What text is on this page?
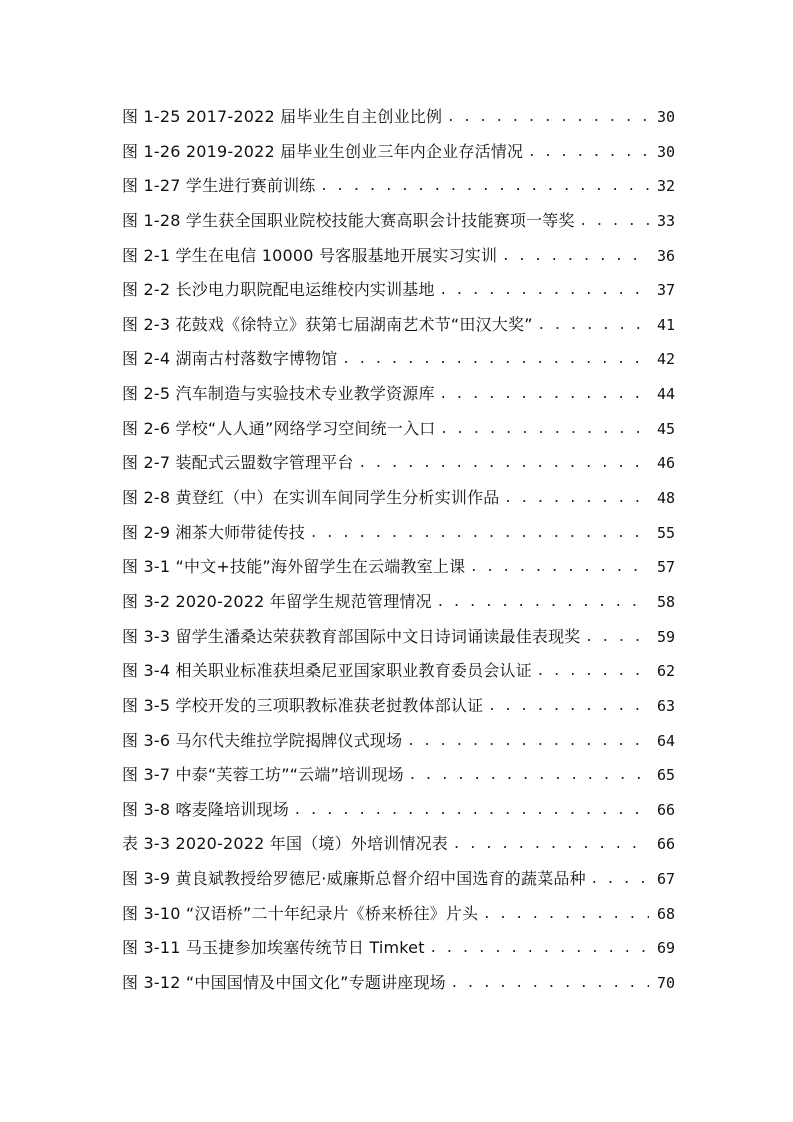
图 1-25 2017-2022 届毕业生自主创业比例 . . .	30
图 1-26 2019-2022 届毕业生创业三年内企业存活情况 . . .	30
图 1-27 学生进行赛前训练 . . .	32
图 1-28 学生获全国职业院校技能大赛高职会计技能赛项一等奖 . . .	33
图 2-1 学生在电信 10000 号客服基地开展实习实训 . . .	36
图 2-2 长沙电力职院配电运维校内实训基地 . . .	37
图 2-3 花鼓戏《徐特立》获第七届湖南艺术节“田汉大奖” . . .	41
图 2-4 湖南古村落数字博物馆 . . .	42
图 2-5 汽车制造与实验技术专业教学资源库 . . .	44
图 2-6 学校“人人通”网络学习空间统一入口 . . .	45
图 2-7 装配式云盟数字管理平台 . . .	46
图 2-8 黄登红（中）在实训车间同学生分析实训作品 . . .	48
图 2-9 湘茶大师带徒传技 . . .	55
图 3-1 “中文+技能”海外留学生在云端教室上课 . . .	57
图 3-2 2020-2022 年留学生规范管理情况 . . .	58
图 3-3 留学生潘桑达荣获教育部国际中文日诗词诵读最佳表现奖 . . .	59
图 3-4 相关职业标准获坦桑尼亚国家职业教育委员会认证 . . .	62
图 3-5 学校开发的三项职教标准获老挝教体部认证 . . .	63
图 3-6 马尔代夫维拉学院揭牌仪式现场 . . .	64
图 3-7 中泰“芙蓉工坊”“云端”培训现场 . . .	65
图 3-8 喀麦隆培训现场 . . .	66
表 3-3 2020-2022 年国（境）外培训情况表 . . .	66
图 3-9 黄良斌教授给罗德尼·威廉斯总督介绍中国选育的蔬菜品种 . . .	67
图 3-10 “汉语桥”二十年纪录片《桥来桥往》片头 . . .	68
图 3-11 马玉捷参加埃塞传统节日 Timket . . .	69
图 3-12 “中国国情及中国文化”专题讲座现场 . . .	70
